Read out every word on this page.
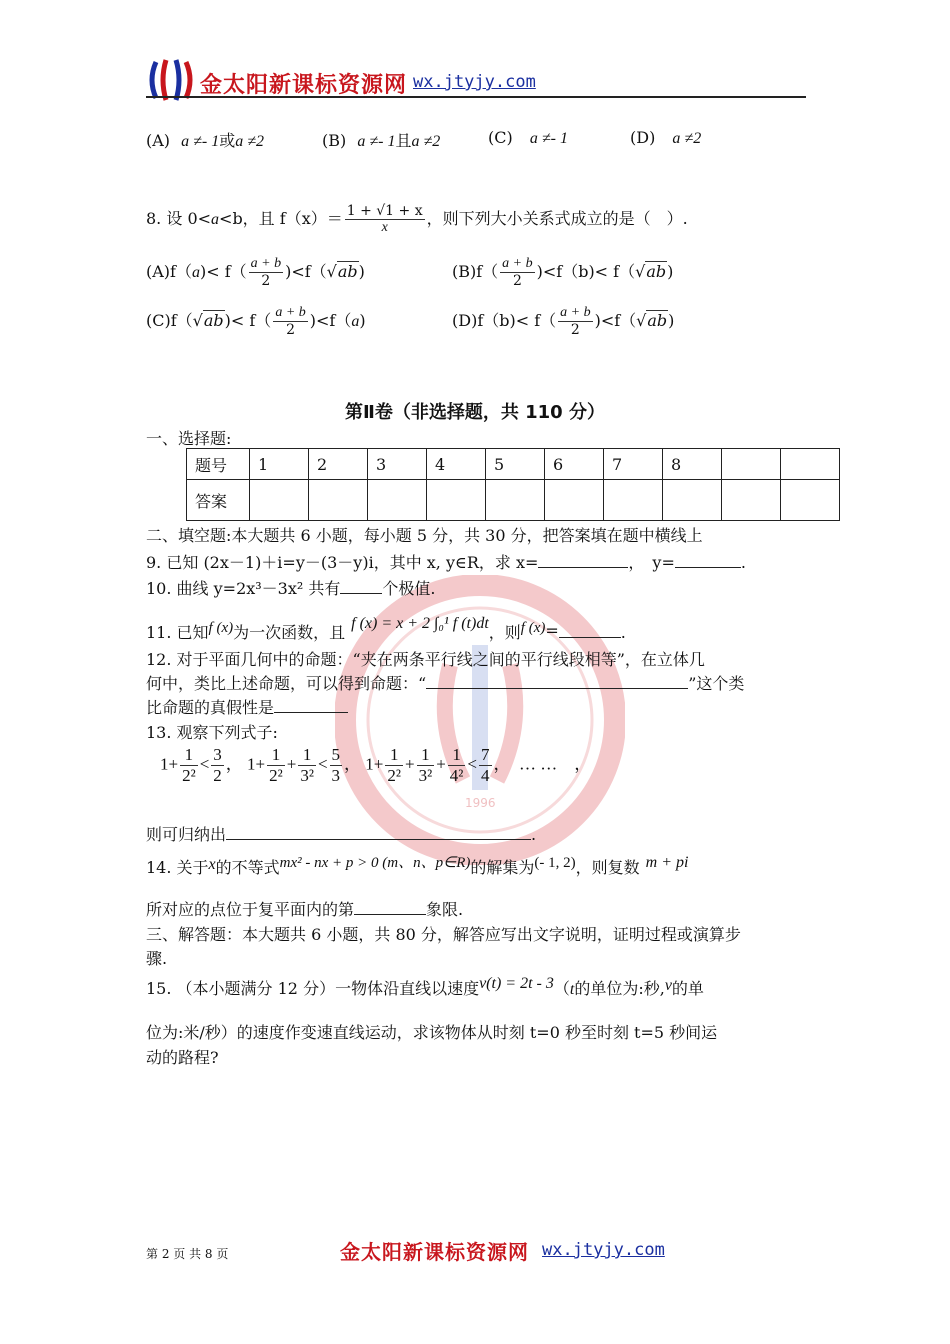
1996
金太阳新课标资源网 wx.jtyjy.com
(A) a ≠- 1或a ≠2	(B) a ≠- 1且a ≠2	(C) a ≠- 1	(D) a ≠2
8. 设 0<a<b，且 $f(x)= \frac{1 + √1 + x}{x}$ ，则下列大小关系式成立的是（　）.
$(A)f(a)< f( \frac{a + b}{2} )<f(√ab)$	$(B)f( \frac{a + b}{2} )<f(b)< f(√ab)$
$(C)f(√ab)< f( \frac{a + b}{2} )<f(a)$	$(D)f(b)< f( \frac{a + b}{2} )<f(√ab)$
第Ⅱ卷（非选择题，共 110 分）
一、选择题:
题号	1	2	3	4	5	6	7	8		
答案										
二、填空题:本大题共 6 小题，每小题 5 分，共 30 分，把答案填在题中横线上
9. 已知 (2x－1)＋i=y－(3－y)i，其中 x, y∈R，求 x=	，　y=	.
10. 曲线 y=2x³－3x² 共有	个极值.
11. 已知f (x)为一次函数，且 f (x) = x + 2 ∫₀¹ f (t)dt，则f (x)=	.
12. 对于平面几何中的命题：“夹在两条平行线之间的平行线段相等”，在立体几
何中，类比上述命题，可以得到命题：“	”这个类
比命题的真假性是
13. 观察下列式子:
$1+ \frac{1}{\text{2²}} < \frac{3}{2}$ ， $1+ \frac{1}{\text{2²}} + \frac{1}{\text{3²}} < \frac{5}{3}$ ， $1+ \frac{1}{\text{2²}} + \frac{1}{\text{3²}} + \frac{1}{\text{4²}} < \frac{7}{4}$ ，　… …　，
则可归纳出	.
14. 关于x的不等式mx² - nx + p > 0 (m、n、p∈R)的解集为(- 1, 2)，则复数 m + pi
所对应的点位于复平面内的第	象限.
三、解答题：本大题共 6 小题，共 80 分，解答应写出文字说明，证明过程或演算步
骤.
15. （本小题满分 12 分）一物体沿直线以速度v(t) = 2t - 3（t的单位为:秒,v的单
位为:米/秒）的速度作变速直线运动，求该物体从时刻 t=0 秒至时刻 t=5 秒间运
动的路程?
第 2 页 共 8 页	金太阳新课标资源网 wx.jtyjy.com
